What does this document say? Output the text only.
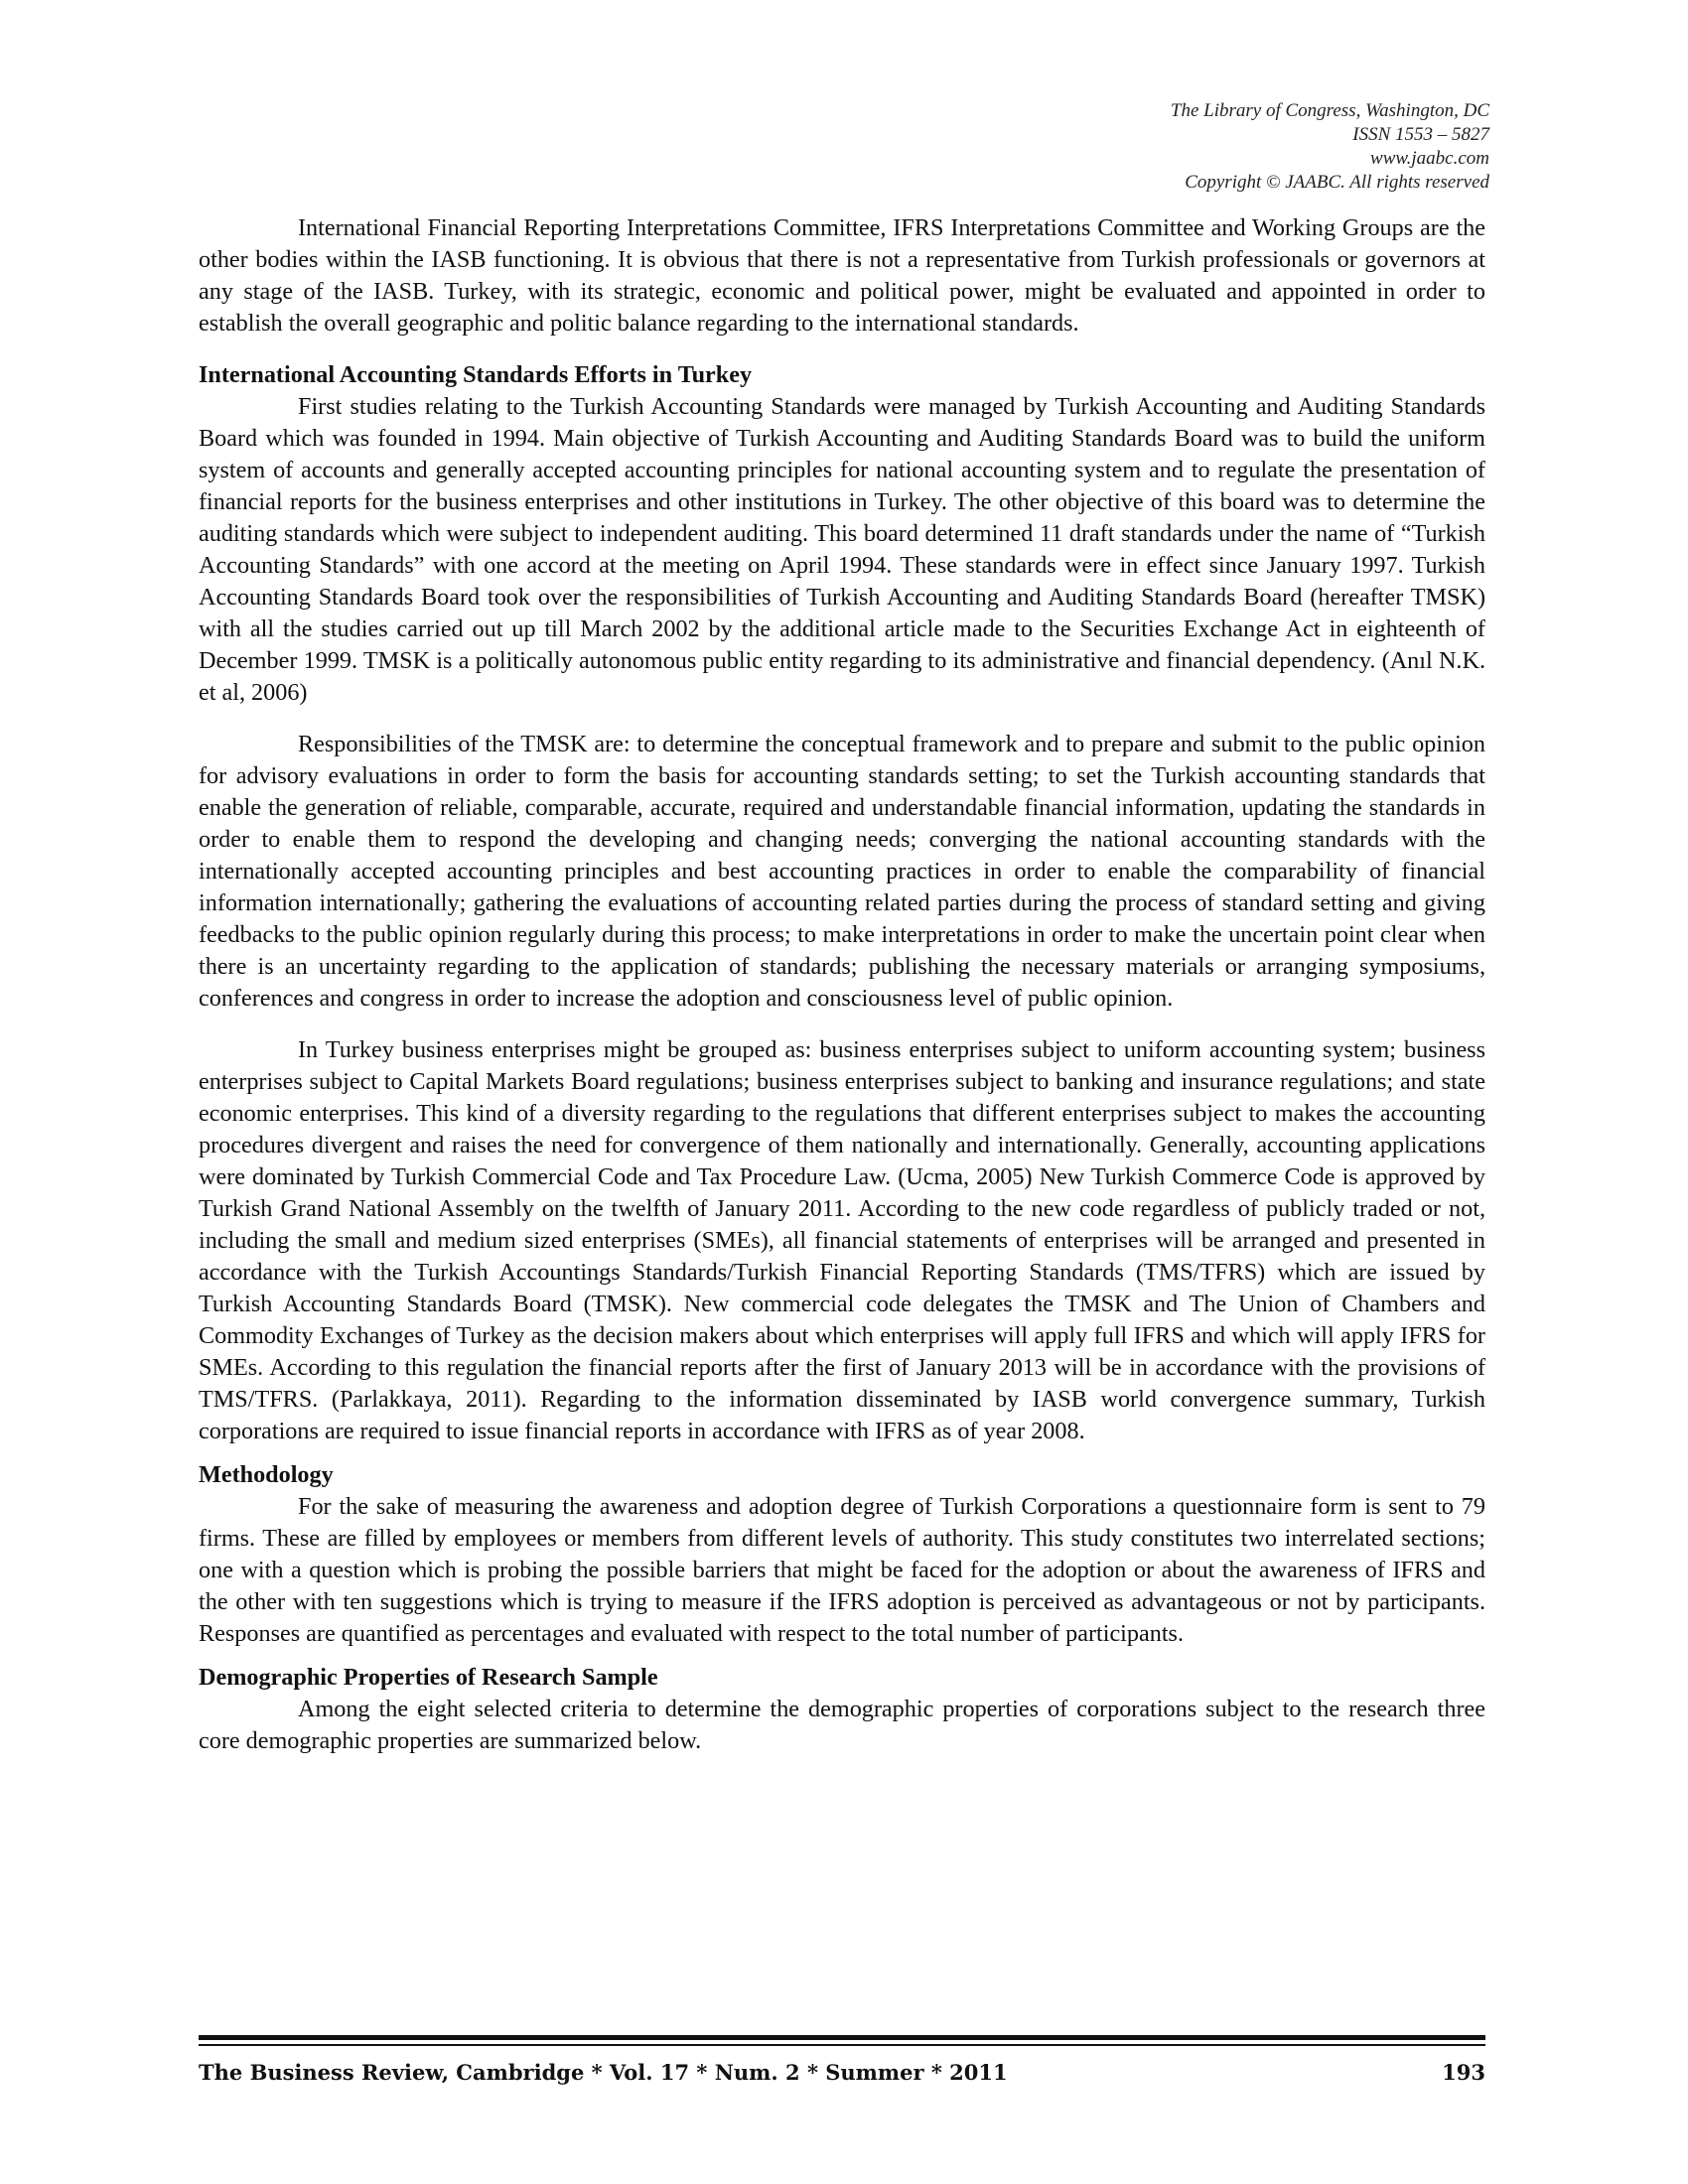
The Library of Congress, Washington, DC
ISSN 1553 – 5827
www.jaabc.com
Copyright © JAABC. All rights reserved

International Financial Reporting Interpretations Committee, IFRS Interpretations Committee and Working Groups are the other bodies within the IASB functioning. It is obvious that there is not a representative from Turkish professionals or governors at any stage of the IASB. Turkey, with its strategic, economic and political power, might be evaluated and appointed in order to establish the overall geographic and politic balance regarding to the international standards.

International Accounting Standards Efforts in Turkey

First studies relating to the Turkish Accounting Standards were managed by Turkish Accounting and Auditing Standards Board which was founded in 1994. Main objective of Turkish Accounting and Auditing Standards Board was to build the uniform system of accounts and generally accepted accounting principles for national accounting system and to regulate the presentation of financial reports for the business enterprises and other institutions in Turkey. The other objective of this board was to determine the auditing standards which were subject to independent auditing. This board determined 11 draft standards under the name of “Turkish Accounting Standards” with one accord at the meeting on April 1994. These standards were in effect since January 1997. Turkish Accounting Standards Board took over the responsibilities of Turkish Accounting and Auditing Standards Board (hereafter TMSK) with all the studies carried out up till March 2002 by the additional article made to the Securities Exchange Act in eighteenth of December 1999. TMSK is a politically autonomous public entity regarding to its administrative and financial dependency. (Anıl N.K. et al, 2006)

Responsibilities of the TMSK are: to determine the conceptual framework and to prepare and submit to the public opinion for advisory evaluations in order to form the basis for accounting standards setting; to set the Turkish accounting standards that enable the generation of reliable, comparable, accurate, required and understandable financial information, updating the standards in order to enable them to respond the developing and changing needs; converging the national accounting standards with the internationally accepted accounting principles and best accounting practices in order to enable the comparability of financial information internationally; gathering the evaluations of accounting related parties during the process of standard setting and giving feedbacks to the public opinion regularly during this process; to make interpretations in order to make the uncertain point clear when there is an uncertainty regarding to the application of standards; publishing the necessary materials or arranging symposiums, conferences and congress in order to increase the adoption and consciousness level of public opinion.

In Turkey business enterprises might be grouped as: business enterprises subject to uniform accounting system; business enterprises subject to Capital Markets Board regulations; business enterprises subject to banking and insurance regulations; and state economic enterprises. This kind of a diversity regarding to the regulations that different enterprises subject to makes the accounting procedures divergent and raises the need for convergence of them nationally and internationally. Generally, accounting applications were dominated by Turkish Commercial Code and Tax Procedure Law. (Ucma, 2005) New Turkish Commerce Code is approved by Turkish Grand National Assembly on the twelfth of January 2011. According to the new code regardless of publicly traded or not, including the small and medium sized enterprises (SMEs), all financial statements of enterprises will be arranged and presented in accordance with the Turkish Accountings Standards/Turkish Financial Reporting Standards (TMS/TFRS) which are issued by Turkish Accounting Standards Board (TMSK). New commercial code delegates the TMSK and The Union of Chambers and Commodity Exchanges of Turkey as the decision makers about which enterprises will apply full IFRS and which will apply IFRS for SMEs. According to this regulation the financial reports after the first of January 2013 will be in accordance with the provisions of TMS/TFRS. (Parlakkaya, 2011). Regarding to the information disseminated by IASB world convergence summary, Turkish corporations are required to issue financial reports in accordance with IFRS as of year 2008.

Methodology

For the sake of measuring the awareness and adoption degree of Turkish Corporations a questionnaire form is sent to 79 firms. These are filled by employees or members from different levels of authority. This study constitutes two interrelated sections; one with a question which is probing the possible barriers that might be faced for the adoption or about the awareness of IFRS and the other with ten suggestions which is trying to measure if the IFRS adoption is perceived as advantageous or not by participants. Responses are quantified as percentages and evaluated with respect to the total number of participants.

Demographic Properties of Research Sample

Among the eight selected criteria to determine the demographic properties of corporations subject to the research three core demographic properties are summarized below.

The Business Review, Cambridge * Vol. 17 * Num. 2 * Summer * 2011	193
